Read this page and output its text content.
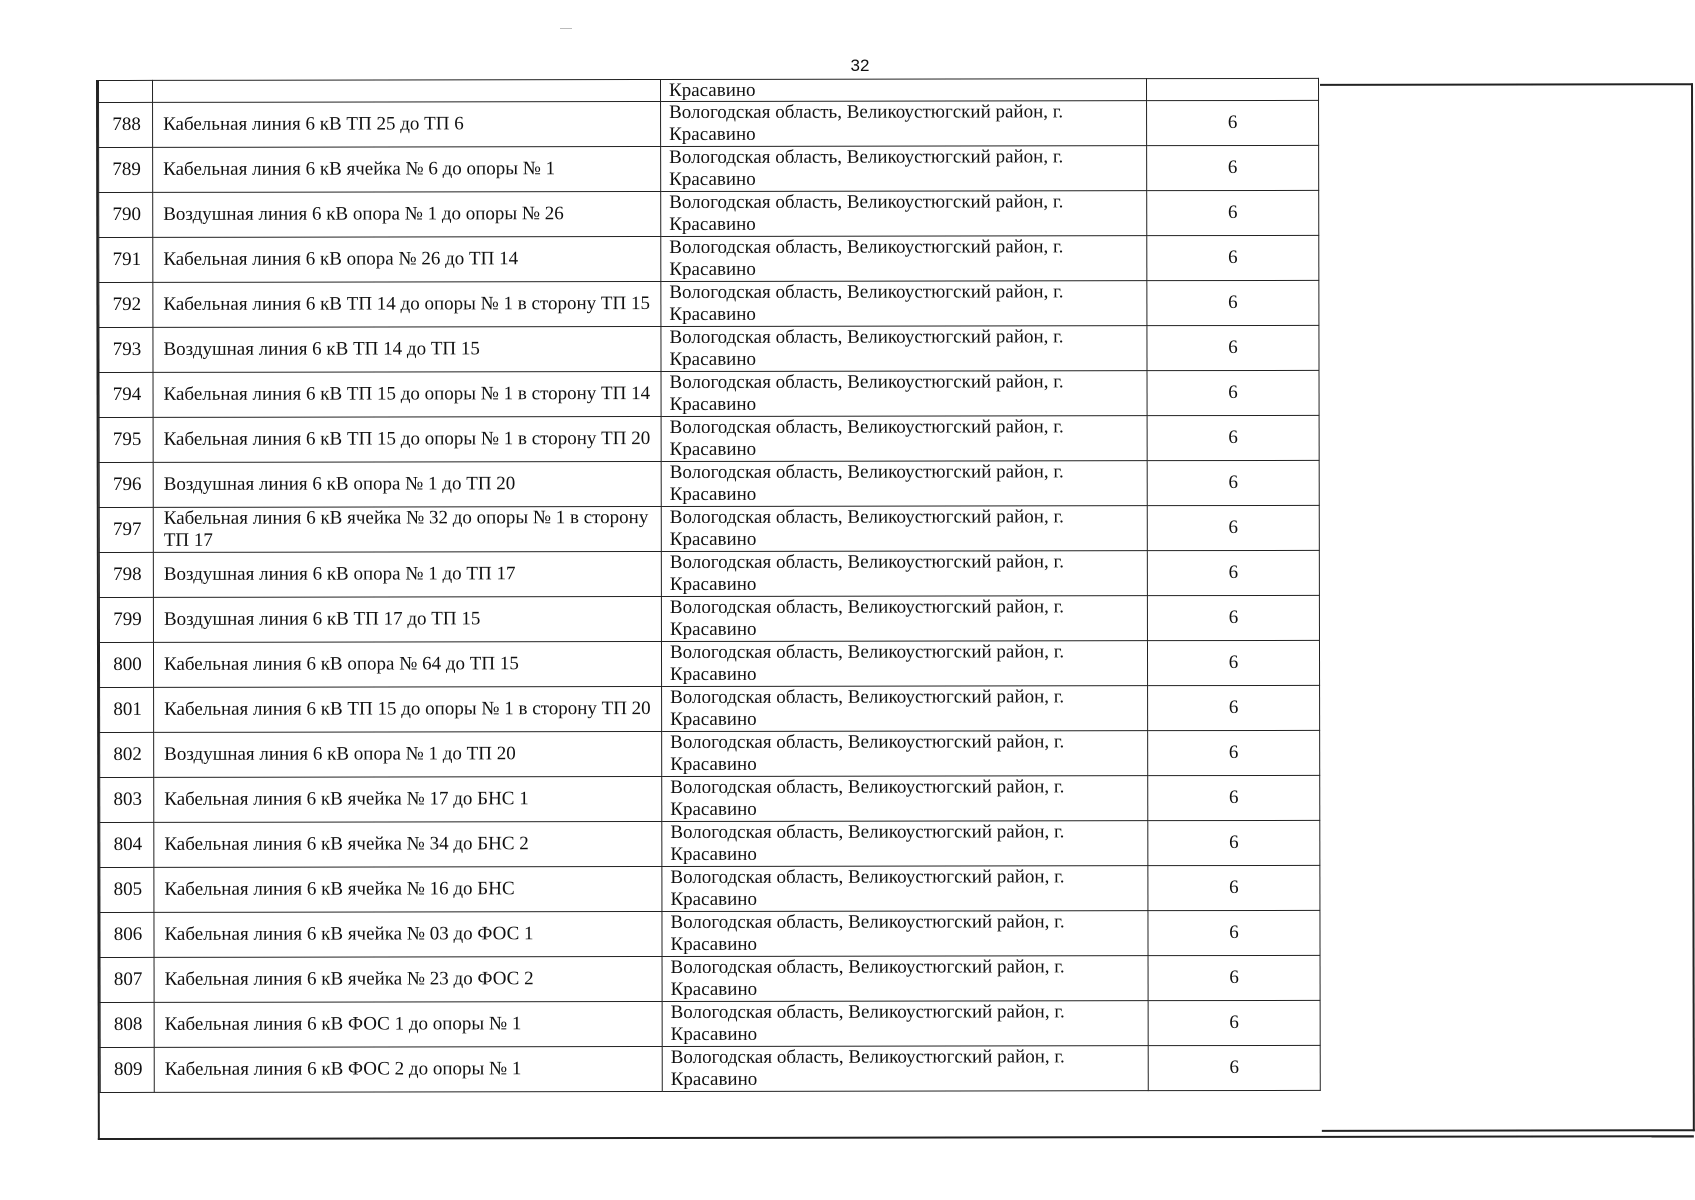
32
		Красавино	
788	Кабельная линия 6 кВ ТП 25 до ТП 6	Вологодская область, Великоустюгский район, г.
Красавино	6
789	Кабельная линия 6 кВ ячейка № 6 до опоры № 1	Вологодская область, Великоустюгский район, г.
Красавино	6
790	Воздушная линия 6 кВ опора № 1 до опоры № 26	Вологодская область, Великоустюгский район, г.
Красавино	6
791	Кабельная линия 6 кВ опора № 26 до ТП 14	Вологодская область, Великоустюгский район, г.
Красавино	6
792	Кабельная линия 6 кВ ТП 14 до опоры № 1 в сторону ТП 15	Вологодская область, Великоустюгский район, г.
Красавино	6
793	Воздушная линия 6 кВ ТП 14 до ТП 15	Вологодская область, Великоустюгский район, г.
Красавино	6
794	Кабельная линия 6 кВ ТП 15 до опоры № 1 в сторону ТП 14	Вологодская область, Великоустюгский район, г.
Красавино	6
795	Кабельная линия 6 кВ ТП 15 до опоры № 1 в сторону ТП 20	Вологодская область, Великоустюгский район, г.
Красавино	6
796	Воздушная линия 6 кВ опора № 1 до ТП 20	Вологодская область, Великоустюгский район, г.
Красавино	6
797	Кабельная линия 6 кВ ячейка № 32 до опоры № 1 в сторону ТП 17	Вологодская область, Великоустюгский район, г.
Красавино	6
798	Воздушная линия 6 кВ опора № 1 до ТП 17	Вологодская область, Великоустюгский район, г.
Красавино	6
799	Воздушная линия 6 кВ ТП 17 до ТП 15	Вологодская область, Великоустюгский район, г.
Красавино	6
800	Кабельная линия 6 кВ опора № 64 до ТП 15	Вологодская область, Великоустюгский район, г.
Красавино	6
801	Кабельная линия 6 кВ ТП 15 до опоры № 1 в сторону ТП 20	Вологодская область, Великоустюгский район, г.
Красавино	6
802	Воздушная линия 6 кВ опора № 1 до ТП 20	Вологодская область, Великоустюгский район, г.
Красавино	6
803	Кабельная линия 6 кВ ячейка № 17 до БНС 1	Вологодская область, Великоустюгский район, г.
Красавино	6
804	Кабельная линия 6 кВ ячейка № 34 до БНС 2	Вологодская область, Великоустюгский район, г.
Красавино	6
805	Кабельная линия 6 кВ ячейка № 16 до БНС	Вологодская область, Великоустюгский район, г.
Красавино	6
806	Кабельная линия 6 кВ ячейка № 03 до ФОС 1	Вологодская область, Великоустюгский район, г.
Красавино	6
807	Кабельная линия 6 кВ ячейка № 23 до ФОС 2	Вологодская область, Великоустюгский район, г.
Красавино	6
808	Кабельная линия 6 кВ ФОС 1 до опоры № 1	Вологодская область, Великоустюгский район, г.
Красавино	6
809	Кабельная линия 6 кВ ФОС 2 до опоры № 1	Вологодская область, Великоустюгский район, г.
Красавино	6
